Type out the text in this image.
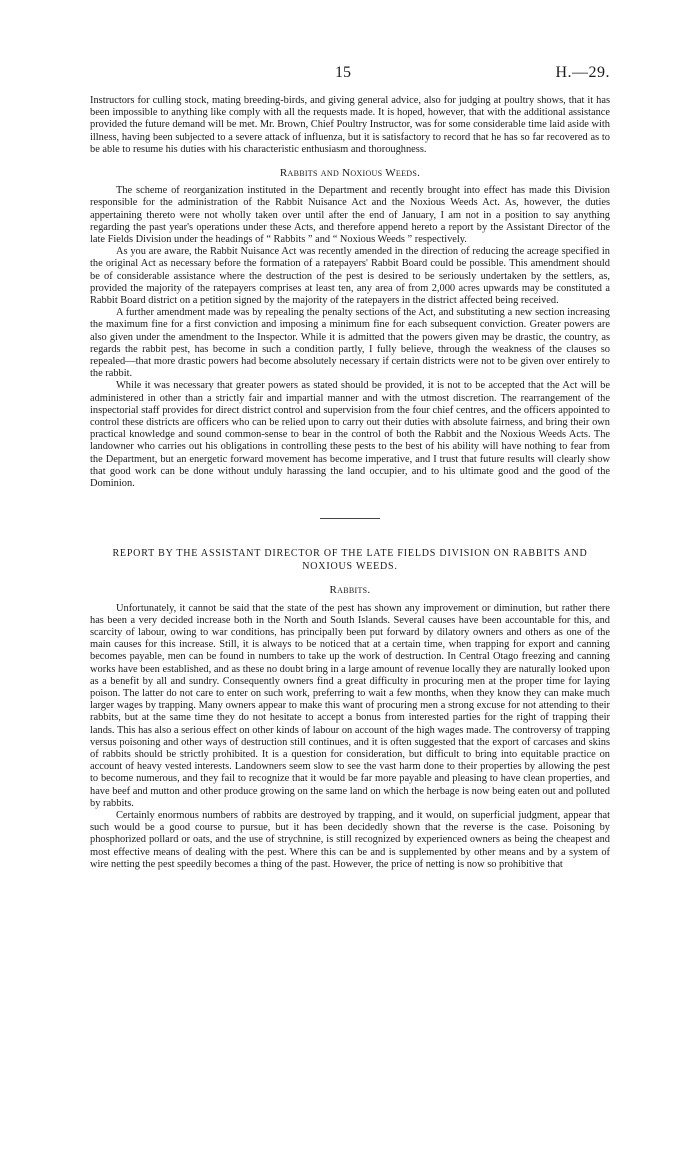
15	H.—29.

Instructors for culling stock, mating breeding-birds, and giving general advice, also for judging at poultry shows, that it has been impossible to anything like comply with all the requests made. It is hoped, however, that with the additional assistance provided the future demand will be met. Mr. Brown, Chief Poultry Instructor, was for some considerable time laid aside with illness, having been subjected to a severe attack of influenza, but it is satisfactory to record that he has so far recovered as to be able to resume his duties with his characteristic enthusiasm and thoroughness.

Rabbits and Noxious Weeds.

The scheme of reorganization instituted in the Department and recently brought into effect has made this Division responsible for the administration of the Rabbit Nuisance Act and the Noxious Weeds Act. As, however, the duties appertaining thereto were not wholly taken over until after the end of January, I am not in a position to say anything regarding the past year's operations under these Acts, and therefore append hereto a report by the Assistant Director of the late Fields Division under the headings of “ Rabbits ” and “ Noxious Weeds ” respectively.

As you are aware, the Rabbit Nuisance Act was recently amended in the direction of reducing the acreage specified in the original Act as necessary before the formation of a ratepayers' Rabbit Board could be possible. This amendment should be of considerable assistance where the destruction of the pest is desired to be seriously undertaken by the settlers, as, provided the majority of the ratepayers comprises at least ten, any area of from 2,000 acres upwards may be constituted a Rabbit Board district on a petition signed by the majority of the ratepayers in the district affected being received.

A further amendment made was by repealing the penalty sections of the Act, and substituting a new section increasing the maximum fine for a first conviction and imposing a minimum fine for each subsequent conviction. Greater powers are also given under the amendment to the Inspector. While it is admitted that the powers given may be drastic, the country, as regards the rabbit pest, has become in such a condition partly, I fully believe, through the weakness of the clauses so repealed—that more drastic powers had become absolutely necessary if certain districts were not to be given over entirely to the rabbit.

While it was necessary that greater powers as stated should be provided, it is not to be accepted that the Act will be administered in other than a strictly fair and impartial manner and with the utmost discretion. The rearrangement of the inspectorial staff provides for direct district control and supervision from the four chief centres, and the officers appointed to control these districts are officers who can be relied upon to carry out their duties with absolute fairness, and bring their own practical knowledge and sound common-sense to bear in the control of both the Rabbit and the Noxious Weeds Acts. The landowner who carries out his obligations in controlling these pests to the best of his ability will have nothing to fear from the Department, but an energetic forward movement has become imperative, and I trust that future results will clearly show that good work can be done without unduly harassing the land occupier, and to his ultimate good and the good of the Dominion.

REPORT BY THE ASSISTANT DIRECTOR OF THE LATE FIELDS DIVISION ON RABBITS AND NOXIOUS WEEDS.
Rabbits.

Unfortunately, it cannot be said that the state of the pest has shown any improvement or diminution, but rather there has been a very decided increase both in the North and South Islands. Several causes have been accountable for this, and scarcity of labour, owing to war conditions, has principally been put forward by dilatory owners and others as one of the main causes for this increase. Still, it is always to be noticed that at a certain time, when trapping for export and canning becomes payable, men can be found in numbers to take up the work of destruction. In Central Otago freezing and canning works have been established, and as these no doubt bring in a large amount of revenue locally they are naturally looked upon as a benefit by all and sundry. Consequently owners find a great difficulty in procuring men at the proper time for laying poison. The latter do not care to enter on such work, preferring to wait a few months, when they know they can make much larger wages by trapping. Many owners appear to make this want of procuring men a strong excuse for not attending to their rabbits, but at the same time they do not hesitate to accept a bonus from interested parties for the right of trapping their lands. This has also a serious effect on other kinds of labour on account of the high wages made. The controversy of trapping versus poisoning and other ways of destruction still continues, and it is often suggested that the export of carcases and skins of rabbits should be strictly prohibited. It is a question for consideration, but difficult to bring into equitable practice on account of heavy vested interests. Landowners seem slow to see the vast harm done to their properties by allowing the pest to become numerous, and they fail to recognize that it would be far more payable and pleasing to have clean properties, and have beef and mutton and other produce growing on the same land on which the herbage is now being eaten out and polluted by rabbits.

Certainly enormous numbers of rabbits are destroyed by trapping, and it would, on superficial judgment, appear that such would be a good course to pursue, but it has been decidedly shown that the reverse is the case. Poisoning by phosphorized pollard or oats, and the use of strychnine, is still recognized by experienced owners as being the cheapest and most effective means of dealing with the pest. Where this can be and is supplemented by other means and by a system of wire netting the pest speedily becomes a thing of the past. However, the price of netting is now so prohibitive that
